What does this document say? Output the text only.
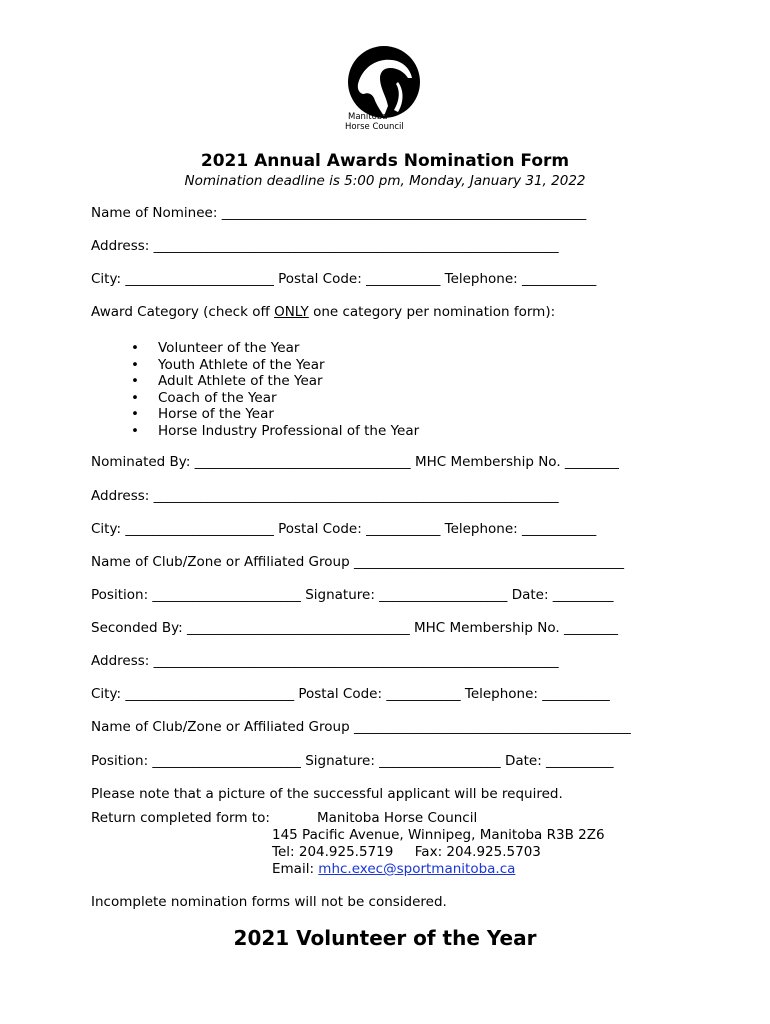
Manitoba
Horse Council
2021 Annual Awards Nomination Form
Nomination deadline is 5:00 pm, Monday, January 31, 2022
Name of Nominee: ______________________________________________________
Address: ____________________________________________________________
City: ______________________ Postal Code: ___________ Telephone: ___________
Award Category (check off ONLY one category per nomination form):
• Volunteer of the Year
• Youth Athlete of the Year
• Adult Athlete of the Year
• Coach of the Year
• Horse of the Year
• Horse Industry Professional of the Year
Nominated By: ________________________________ MHC Membership No. ________
Address: ____________________________________________________________
City: ______________________ Postal Code: ___________ Telephone: ___________
Name of Club/Zone or Affiliated Group ________________________________________
Position: ______________________ Signature: ___________________ Date: _________
Seconded By: _________________________________ MHC Membership No. ________
Address: ____________________________________________________________
City: _________________________ Postal Code: ___________ Telephone: __________
Name of Club/Zone or Affiliated Group _________________________________________
Position: ______________________ Signature: __________________ Date: __________
Please note that a picture of the successful applicant will be required.
Return completed form to:	Manitoba Horse Council
145 Pacific Avenue, Winnipeg, Manitoba R3B 2Z6
Tel: 204.925.5719     Fax: 204.925.5703
Email: mhc.exec@sportmanitoba.ca
Incomplete nomination forms will not be considered.
2021 Volunteer of the Year
